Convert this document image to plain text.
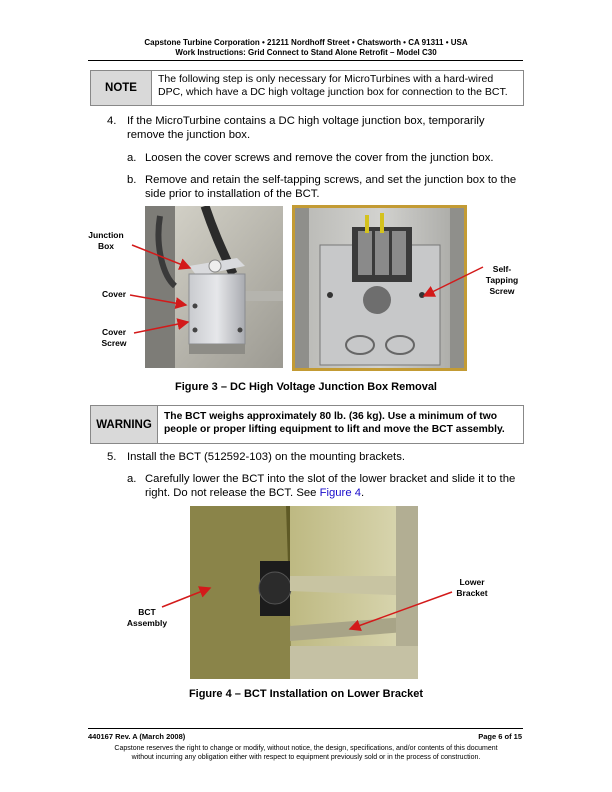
Capstone Turbine Corporation • 21211 Nordhoff Street • Chatsworth • CA 91311 • USA
Work Instructions: Grid Connect to Stand Alone Retrofit – Model C30
NOTE
The following step is only necessary for MicroTurbines with a hard-wired DPC, which have a DC high voltage junction box for connection to the BCT.
4. If the MicroTurbine contains a DC high voltage junction box, temporarily remove the junction box.
a. Loosen the cover screws and remove the cover from the junction box.
b. Remove and retain the self-tapping screws, and set the junction box to the side prior to installation of the BCT.
Junction Box
Cover
Cover Screw
Self-Tapping Screw
Figure 3 – DC High Voltage Junction Box Removal
WARNING
The BCT weighs approximately 80 lb. (36 kg). Use a minimum of two people or proper lifting equipment to lift and move the BCT assembly.
5. Install the BCT (512592-103) on the mounting brackets.
a. Carefully lower the BCT into the slot of the lower bracket and slide it to the right. Do not release the BCT. See Figure 4.
Lower Bracket
BCT Assembly
Figure 4 – BCT Installation on Lower Bracket
440167 Rev. A (March 2008)	Page 6 of 15
Capstone reserves the right to change or modify, without notice, the design, specifications, and/or contents of this document
without incurring any obligation either with respect to equipment previously sold or in the process of construction.
